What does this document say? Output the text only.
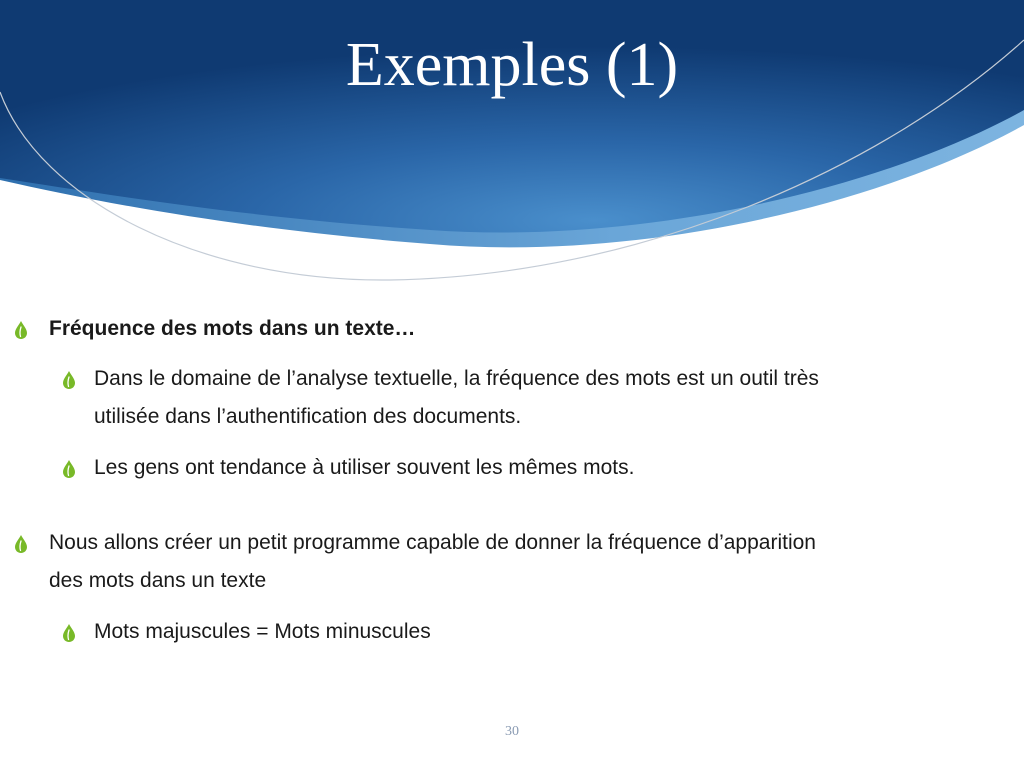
Exemples (1)
Fréquence des mots dans un texte…
Dans le domaine de l’analyse textuelle, la fréquence des mots est un outil très
utilisée dans l’authentification des documents.
Les gens ont tendance à utiliser souvent les mêmes mots.
Nous allons créer un petit programme capable de donner la fréquence d’apparition
des mots dans un texte
Mots majuscules = Mots minuscules
30
